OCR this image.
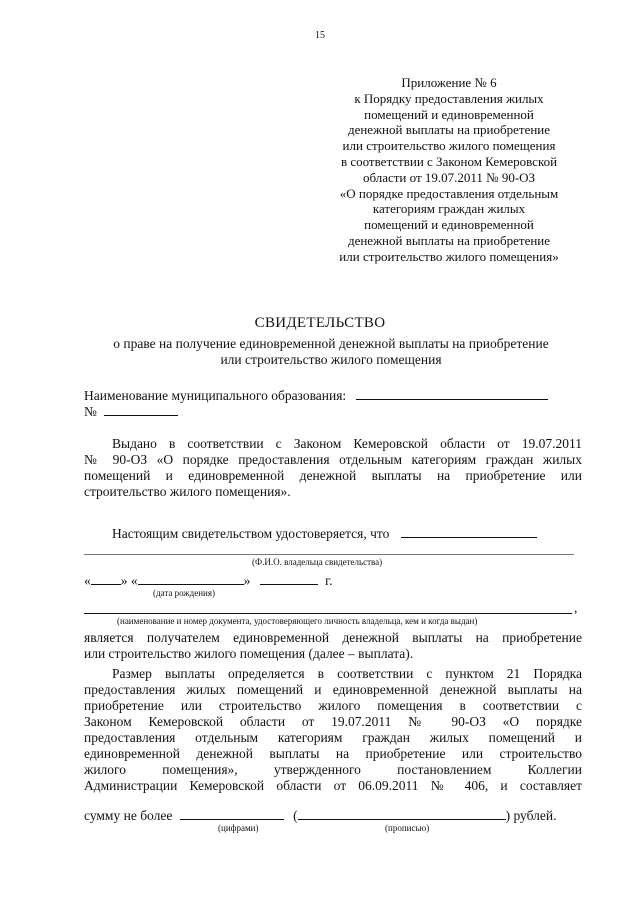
15
Приложение № 6
к Порядку предоставления жилых
помещений и единовременной
денежной выплаты на приобретение
или строительство жилого помещения
в соответствии с Законом Кемеровской
области от 19.07.2011 № 90-ОЗ
«О порядке предоставления отдельным
категориям граждан жилых
помещений и единовременной
денежной выплаты на приобретение
или строительство жилого помещения»
СВИДЕТЕЛЬСТВО
о праве на получение единовременной денежной выплаты на приобретение
или строительство жилого помещения
Наименование муниципального образования:
№
Выдано в соответствии с Законом Кемеровской области от 19.07.2011
№ 90-ОЗ «О порядке предоставления отдельным категориям граждан жилых
помещений и единовременной денежной выплаты на приобретение или
строительство жилого помещения».
Настоящим свидетельством удостоверяется, что
(Ф.И.О. владельца свидетельства)
« » «	»	г.
(дата рождения)
,
(наименование и номер документа, удостоверяющего личность владельца, кем и когда выдан)
является получателем единовременной денежной выплаты на приобретение
или строительство жилого помещения (далее – выплата).
Размер выплаты определяется в соответствии с пунктом 21 Порядка
предоставления жилых помещений и единовременной денежной выплаты на
приобретение или строительство жилого помещения в соответствии с
Законом Кемеровской области от 19.07.2011 № 90-ОЗ «О порядке
предоставления отдельным категориям граждан жилых помещений и
единовременной денежной выплаты на приобретение или строительство
жилого помещения», утвержденного постановлением Коллегии
Администрации Кемеровской области от 06.09.2011 № 406, и составляет
сумму не более	(	) рублей.
(цифрами)	(прописью)
